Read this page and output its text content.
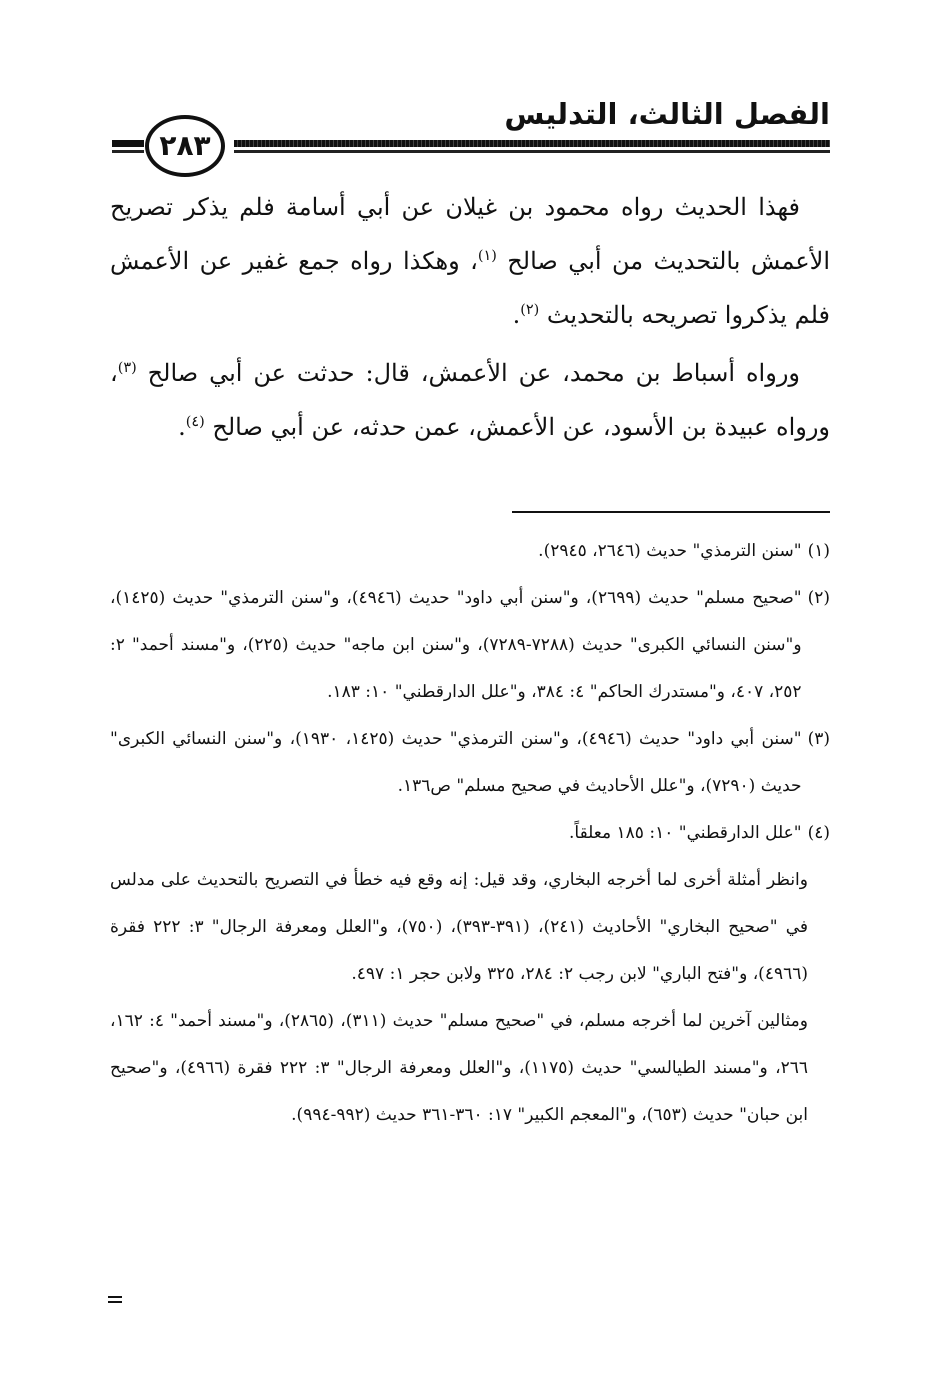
الفصل الثالث، التدليس
٢٨٣

فهذا الحديث رواه محمود بن غيلان عن أبي أسامة فلم يذكر تصريح الأعمش بالتحديث من أبي صالح $^{(١)}$، وهكذا رواه جمع غفير عن الأعمش فلم يذكروا تصريحه بالتحديث $^{(٢)}$.

ورواه أسباط بن محمد، عن الأعمش، قال: حدثت عن أبي صالح $^{(٣)}$، ورواه عبيدة بن الأسود، عن الأعمش، عمن حدثه، عن أبي صالح $^{(٤)}$.

(١)
"سنن الترمذي" حديث (٢٦٤٦، ٢٩٤٥).
(٢)
"صحيح مسلم" حديث (٢٦٩٩)، و"سنن أبي داود" حديث (٤٩٤٦)، و"سنن الترمذي" حديث (١٤٢٥)، و"سنن النسائي الكبرى" حديث (٧٢٨٨-٧٢٨٩)، و"سنن ابن ماجه" حديث (٢٢٥)، و"مسند أحمد" ٢: ٢٥٢، ٤٠٧، و"مستدرك الحاكم" ٤: ٣٨٤، و"علل الدارقطني" ١٠: ١٨٣.
(٣)
"سنن أبي داود" حديث (٤٩٤٦)، و"سنن الترمذي" حديث (١٤٢٥، ١٩٣٠)، و"سنن النسائي الكبرى" حديث (٧٢٩٠)، و"علل الأحاديث في صحيح مسلم" ص١٣٦.
(٤)
"علل الدارقطني" ١٠: ١٨٥ معلقاً.

وانظر أمثلة أخرى لما أخرجه البخاري، وقد قيل: إنه وقع فيه خطأ في التصريح بالتحديث على مدلس في "صحيح البخاري" الأحاديث (٢٤١)، (٣٩١-٣٩٣)، (٧٥٠)، و"العلل ومعرفة الرجال" ٣: ٢٢٢ فقرة (٤٩٦٦)، و"فتح الباري" لابن رجب ٢: ٢٨٤، ٣٢٥ ولابن حجر ١: ٤٩٧.

ومثالين آخرين لما أخرجه مسلم، في "صحيح مسلم" حديث (٣١١)، (٢٨٦٥)، و"مسند أحمد" ٤: ١٦٢، ٢٦٦، و"مسند الطيالسي" حديث (١١٧٥)، و"العلل ومعرفة الرجال" ٣: ٢٢٢ فقرة (٤٩٦٦)، و"صحيح ابن حبان" حديث (٦٥٣)، و"المعجم الكبير" ١٧: ٣٦٠-٣٦١ حديث (٩٩٢-٩٩٤).
